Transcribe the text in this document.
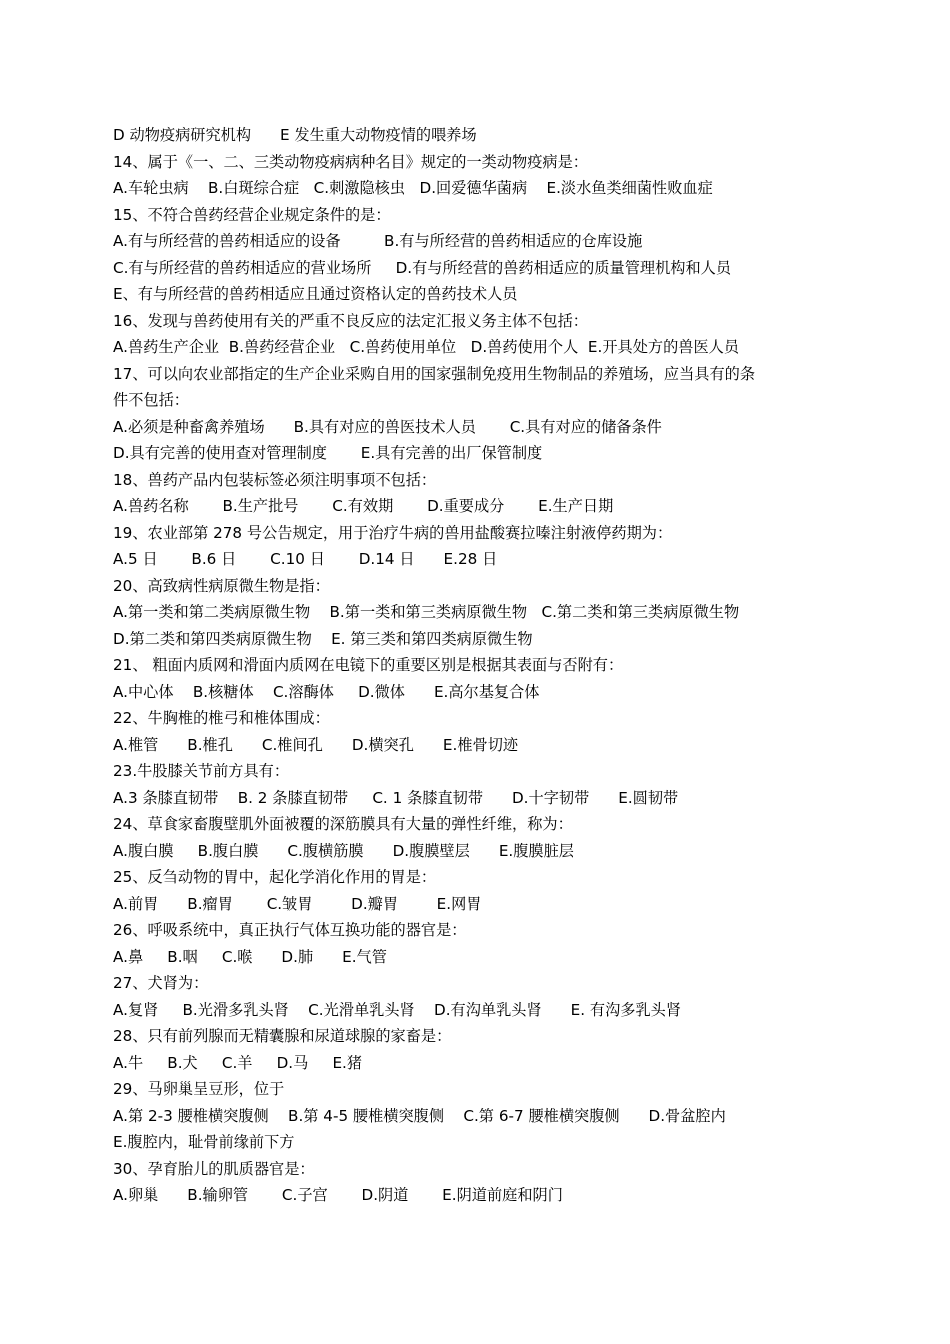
D 动物疫病研究机构      E 发生重大动物疫情的喂养场
14、属于《一、二、三类动物疫病病种名目》规定的一类动物疫病是：
A.车轮虫病    B.白斑综合症   C.刺激隐核虫   D.回爱德华菌病    E.淡水鱼类细菌性败血症
15、不符合兽药经营企业规定条件的是：
A.有与所经营的兽药相适应的设备         B.有与所经营的兽药相适应的仓库设施
C.有与所经营的兽药相适应的营业场所     D.有与所经营的兽药相适应的质量管理机构和人员
E、有与所经营的兽药相适应且通过资格认定的兽药技术人员
16、发现与兽药使用有关的严重不良反应的法定汇报义务主体不包括：
A.兽药生产企业  B.兽药经营企业   C.兽药使用单位   D.兽药使用个人  E.开具处方的兽医人员
17、可以向农业部指定的生产企业采购自用的国家强制免疫用生物制品的养殖场，应当具有的条
件不包括：
A.必须是种畜禽养殖场      B.具有对应的兽医技术人员       C.具有对应的储备条件
D.具有完善的使用查对管理制度       E.具有完善的出厂保管制度
18、兽药产品内包装标签必须注明事项不包括：
A.兽药名称       B.生产批号       C.有效期       D.重要成分       E.生产日期
19、农业部第 278 号公告规定，用于治疗牛病的兽用盐酸赛拉嗪注射液停药期为：
A.5 日       B.6 日       C.10 日       D.14 日      E.28 日
20、高致病性病原微生物是指：
A.第一类和第二类病原微生物    B.第一类和第三类病原微生物   C.第二类和第三类病原微生物
D.第二类和第四类病原微生物    E. 第三类和第四类病原微生物
21、 粗面内质网和滑面内质网在电镜下的重要区别是根据其表面与否附有：
A.中心体    B.核糖体    C.溶酶体     D.微体      E.高尔基复合体
22、牛胸椎的椎弓和椎体围成：
A.椎管      B.椎孔      C.椎间孔      D.横突孔      E.椎骨切迹
23.牛股膝关节前方具有：
A.3 条膝直韧带    B. 2 条膝直韧带     C. 1 条膝直韧带      D.十字韧带      E.圆韧带
24、草食家畜腹壁肌外面被覆的深筋膜具有大量的弹性纤维，称为：
A.腹白膜     B.腹白膜      C.腹横筋膜      D.腹膜壁层      E.腹膜脏层
25、反刍动物的胃中，起化学消化作用的胃是：
A.前胃      B.瘤胃       C.皱胃        D.瓣胃        E.网胃
26、呼吸系统中，真正执行气体互换功能的器官是：
A.鼻     B.咽     C.喉      D.肺      E.气管
27、犬肾为：
A.复肾     B.光滑多乳头肾    C.光滑单乳头肾    D.有沟单乳头肾      E. 有沟多乳头肾
28、只有前列腺而无精囊腺和尿道球腺的家畜是：
A.牛     B.犬     C.羊     D.马     E.猪
29、马卵巢呈豆形，位于
A.第 2-3 腰椎横突腹侧    B.第 4-5 腰椎横突腹侧    C.第 6-7 腰椎横突腹侧      D.骨盆腔内
E.腹腔内，耻骨前缘前下方
30、孕育胎儿的肌质器官是：
A.卵巢      B.输卵管       C.子宫       D.阴道       E.阴道前庭和阴门
